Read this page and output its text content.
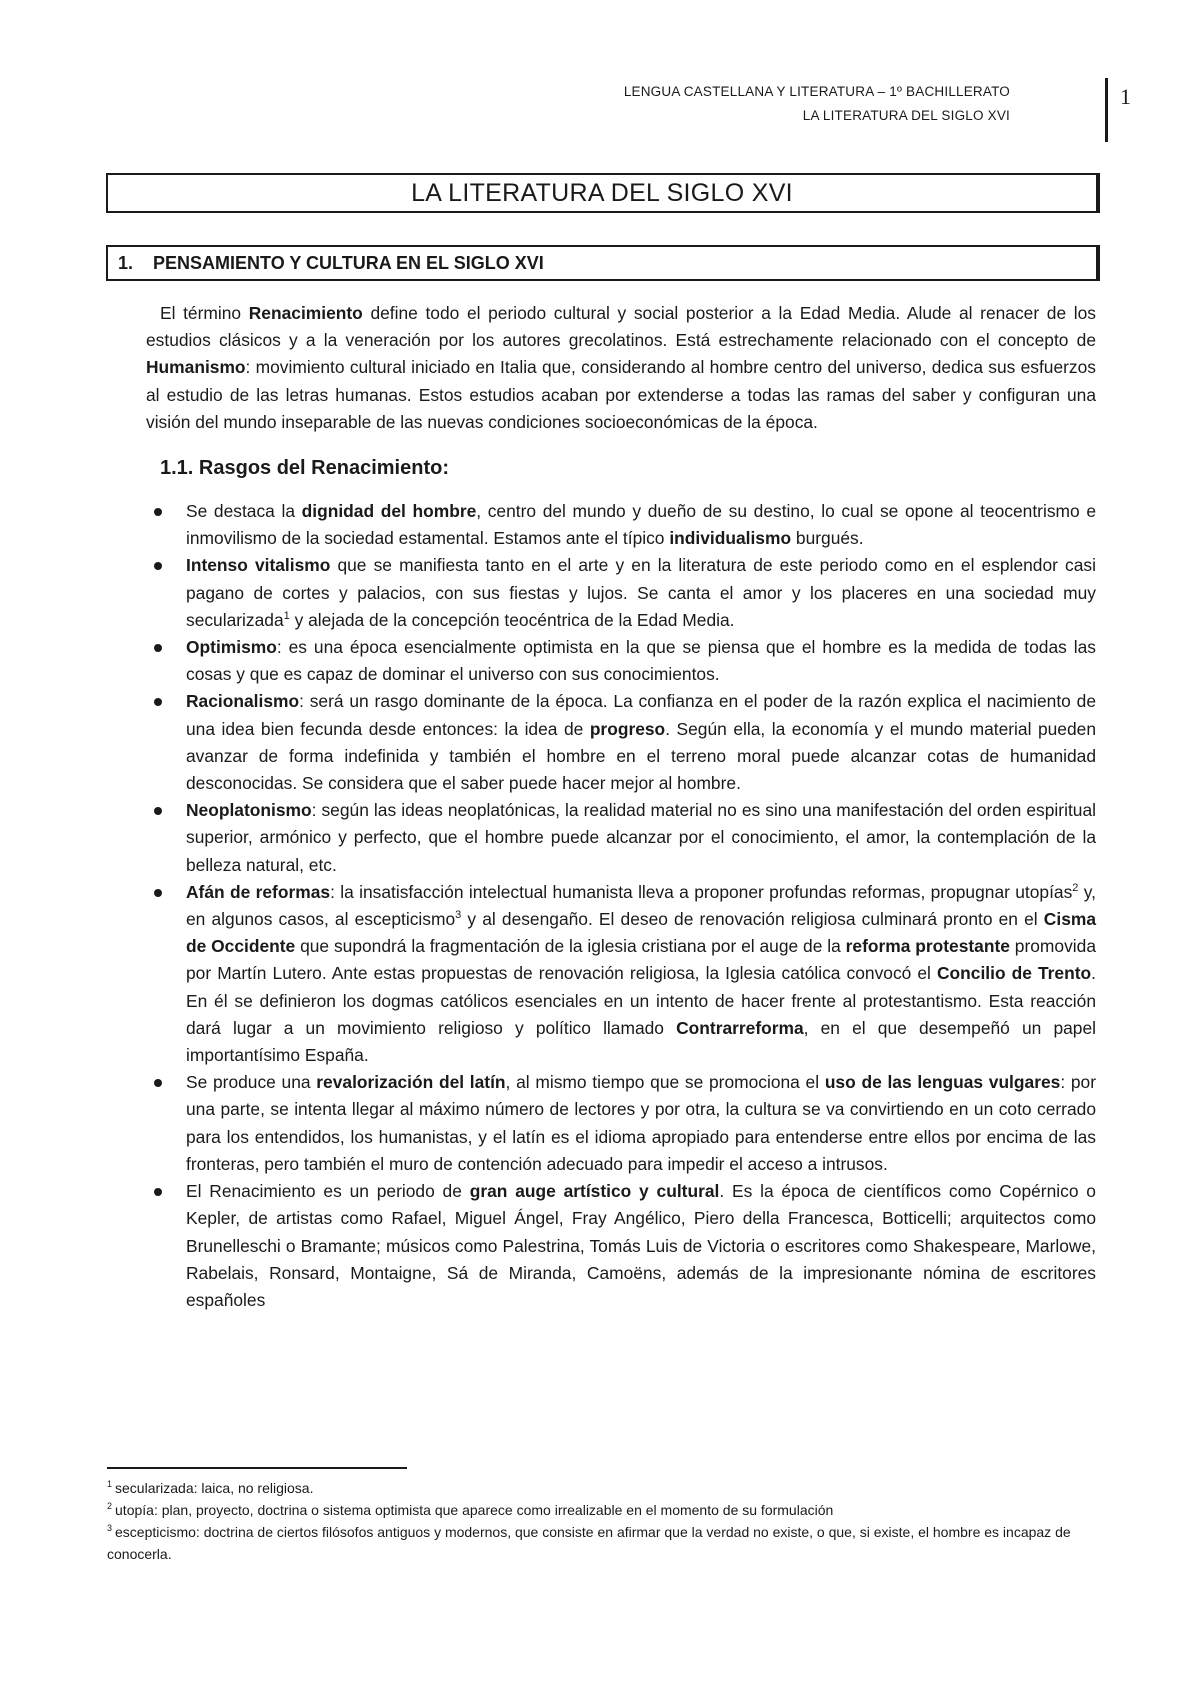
LENGUA CASTELLANA Y LITERATURA – 1º BACHILLERATO
LA LITERATURA DEL SIGLO XVI
1
LA LITERATURA DEL SIGLO XVI
1. PENSAMIENTO Y CULTURA EN EL SIGLO XVI

El término Renacimiento define todo el periodo cultural y social posterior a la Edad Media. Alude al renacer de los estudios clásicos y a la veneración por los autores grecolatinos. Está estrechamente relacionado con el concepto de Humanismo: movimiento cultural iniciado en Italia que, considerando al hombre centro del universo, dedica sus esfuerzos al estudio de las letras humanas. Estos estudios acaban por extenderse a todas las ramas del saber y configuran una visión del mundo inseparable de las nuevas condiciones socioeconómicas de la época.

1.1. Rasgos del Renacimiento:
Se destaca la dignidad del hombre, centro del mundo y dueño de su destino, lo cual se opone al teocentrismo e inmovilismo de la sociedad estamental. Estamos ante el típico individualismo burgués.
Intenso vitalismo que se manifiesta tanto en el arte y en la literatura de este periodo como en el esplendor casi pagano de cortes y palacios, con sus fiestas y lujos. Se canta el amor y los placeres en una sociedad muy secularizada$^1$ y alejada de la concepción teocéntrica de la Edad Media.
Optimismo: es una época esencialmente optimista en la que se piensa que el hombre es la medida de todas las cosas y que es capaz de dominar el universo con sus conocimientos.
Racionalismo: será un rasgo dominante de la época. La confianza en el poder de la razón explica el nacimiento de una idea bien fecunda desde entonces: la idea de progreso. Según ella, la economía y el mundo material pueden avanzar de forma indefinida y también el hombre en el terreno moral puede alcanzar cotas de humanidad desconocidas. Se considera que el saber puede hacer mejor al hombre.
Neoplatonismo: según las ideas neoplatónicas, la realidad material no es sino una manifestación del orden espiritual superior, armónico y perfecto, que el hombre puede alcanzar por el conocimiento, el amor, la contemplación de la belleza natural, etc.
Afán de reformas: la insatisfacción intelectual humanista lleva a proponer profundas reformas, propugnar utopías$^2$ y, en algunos casos, al escepticismo$^3$ y al desengaño. El deseo de renovación religiosa culminará pronto en el Cisma de Occidente que supondrá la fragmentación de la iglesia cristiana por el auge de la reforma protestante promovida por Martín Lutero. Ante estas propuestas de renovación religiosa, la Iglesia católica convocó el Concilio de Trento. En él se definieron los dogmas católicos esenciales en un intento de hacer frente al protestantismo. Esta reacción dará lugar a un movimiento religioso y político llamado Contrarreforma, en el que desempeñó un papel importantísimo España.
Se produce una revalorización del latín, al mismo tiempo que se promociona el uso de las lenguas vulgares: por una parte, se intenta llegar al máximo número de lectores y por otra, la cultura se va convirtiendo en un coto cerrado para los entendidos, los humanistas, y el latín es el idioma apropiado para entenderse entre ellos por encima de las fronteras, pero también el muro de contención adecuado para impedir el acceso a intrusos.
El Renacimiento es un periodo de gran auge artístico y cultural. Es la época de científicos como Copérnico o Kepler, de artistas como Rafael, Miguel Ángel, Fray Angélico, Piero della Francesca, Botticelli; arquitectos como Brunelleschi o Bramante; músicos como Palestrina, Tomás Luis de Victoria o escritores como Shakespeare, Marlowe, Rabelais, Ronsard, Montaigne, Sá de Miranda, Camoëns, además de la impresionante nómina de escritores españoles

$^1$ secularizada: laica, no religiosa.

$^2$ utopía: plan, proyecto, doctrina o sistema optimista que aparece como irrealizable en el momento de su formulación

$^3$ escepticismo: doctrina de ciertos filósofos antiguos y modernos, que consiste en afirmar que la verdad no existe, o que, si existe, el hombre es incapaz de conocerla.
